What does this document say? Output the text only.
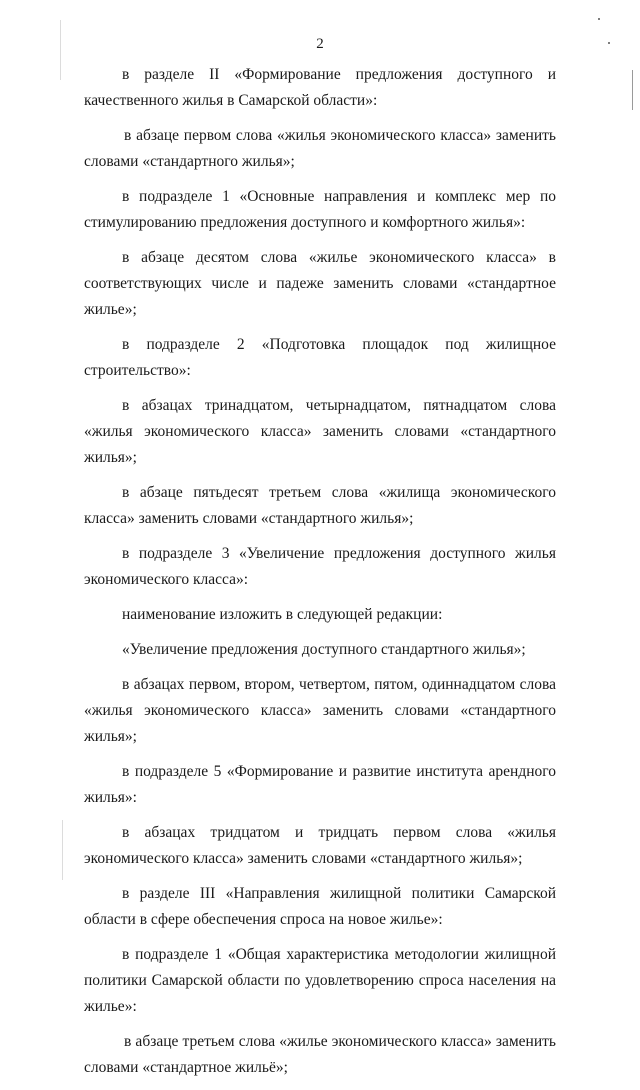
2

в разделе II «Формирование предложения доступного и качественного жилья в Самарской области»:

в абзаце первом слова «жилья экономического класса» заменить словами «стандартного жилья»;

в подразделе 1 «Основные направления и комплекс мер по стимулированию предложения доступного и комфортного жилья»:

в абзаце десятом слова «жилье экономического класса» в соответствующих числе и падеже заменить словами «стандартное жилье»;

в подразделе 2 «Подготовка площадок под жилищное строительство»:

в абзацах тринадцатом, четырнадцатом, пятнадцатом слова «жилья экономического класса» заменить словами «стандартного жилья»;

в абзаце пятьдесят третьем слова «жилища экономического класса» заменить словами «стандартного жилья»;

в подразделе 3 «Увеличение предложения доступного жилья экономического класса»:

наименование изложить в следующей редакции:

«Увеличение предложения доступного стандартного жилья»;

в абзацах первом, втором, четвертом, пятом, одиннадцатом слова «жилья экономического класса» заменить словами «стандартного жилья»;

в подразделе 5 «Формирование и развитие института арендного жилья»:

в абзацах тридцатом и тридцать первом слова «жилья экономического класса» заменить словами «стандартного жилья»;

в разделе III «Направления жилищной политики Самарской области в сфере обеспечения спроса на новое жилье»:

в подразделе 1 «Общая характеристика методологии жилищной политики Самарской области по удовлетворению спроса населения на жилье»:

в абзаце третьем слова «жилье экономического класса» заменить словами «стандартное жильё»;
